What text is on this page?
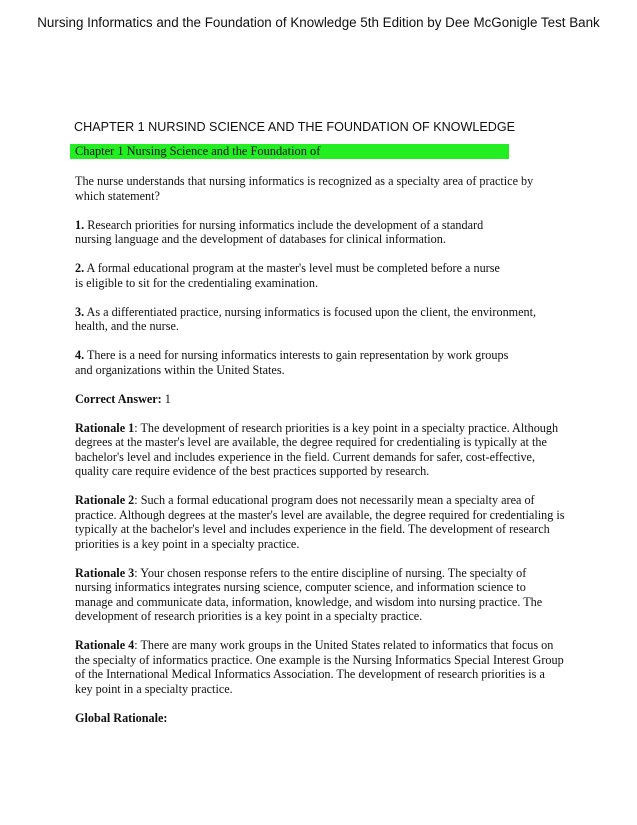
Nursing Informatics and the Foundation of Knowledge 5th Edition by Dee McGonigle Test Bank
CHAPTER 1 NURSIND SCIENCE AND THE FOUNDATION OF KNOWLEDGE
Chapter 1 Nursing Science and the Foundation of

The nurse understands that nursing informatics is recognized as a specialty area of practice by which statement?

1. Research priorities for nursing informatics include the development of a standard
nursing language and the development of databases for clinical information.

2. A formal educational program at the master's level must be completed before a nurse
is eligible to sit for the credentialing examination.

3. As a differentiated practice, nursing informatics is focused upon the client, the environment,
health, and the nurse.

4. There is a need for nursing informatics interests to gain representation by work groups
and organizations within the United States.

Correct Answer: 1

Rationale 1: The development of research priorities is a key point in a specialty practice. Although degrees at the master's level are available, the degree required for credentialing is typically at the bachelor's level and includes experience in the field. Current demands for safer, cost-effective, quality care require evidence of the best practices supported by research.

Rationale 2: Such a formal educational program does not necessarily mean a specialty area of practice. Although degrees at the master's level are available, the degree required for credentialing is typically at the bachelor's level and includes experience in the field. The development of research priorities is a key point in a specialty practice.

Rationale 3: Your chosen response refers to the entire discipline of nursing. The specialty of nursing informatics integrates nursing science, computer science, and information science to manage and communicate data, information, knowledge, and wisdom into nursing practice. The development of research priorities is a key point in a specialty practice.

Rationale 4: There are many work groups in the United States related to informatics that focus on the specialty of informatics practice. One example is the Nursing Informatics Special Interest Group of the International Medical Informatics Association. The development of research priorities is a key point in a specialty practice.

Global Rationale:
